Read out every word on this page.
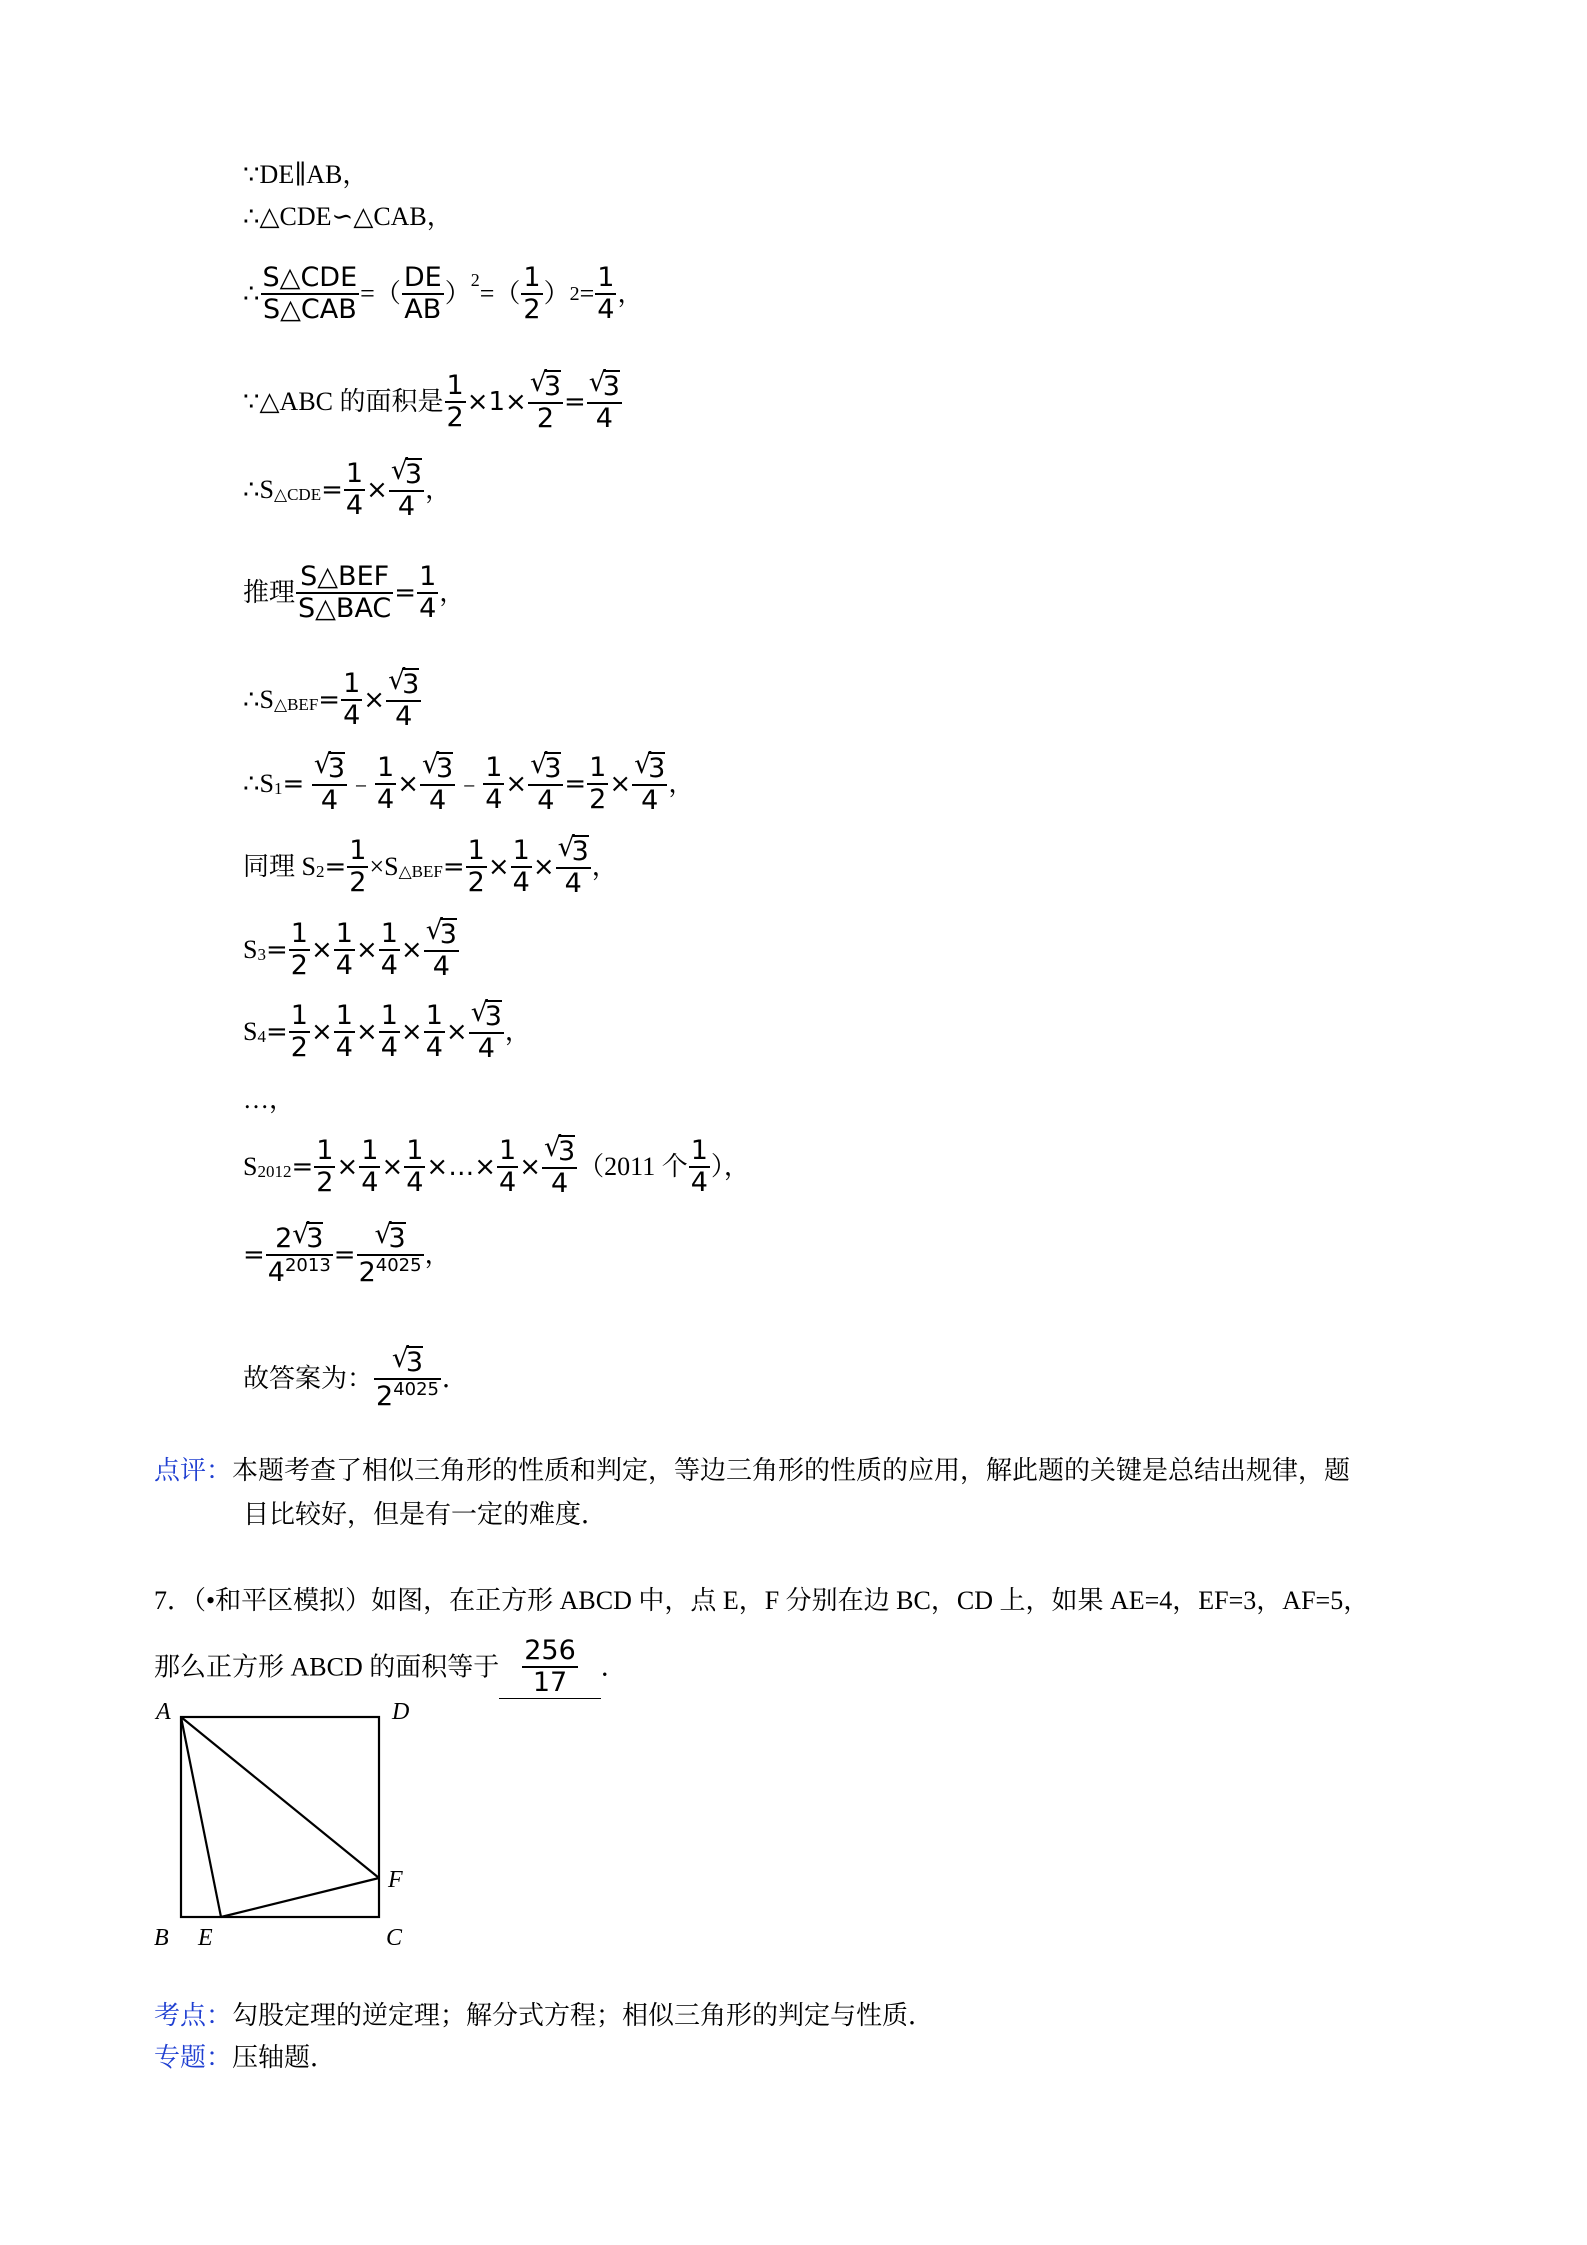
∵DE∥AB，
∴△CDE∽△CAB，
∴ $\frac{\text{S△CDE}}{\text{S△CAB}}$ =（ $\frac{DE}{AB} )^2=( \frac{1}{2} )2= \frac{1}{4}$ ，
∵△ABC 的面积是 $\frac{1}{2} \times 1\times$ √ $\frac{3}{2}$ = √ $\frac{3}{4}$
$\therefore S_{\triangle CDE}= \frac{1}{4}$ × √ $\frac{3}{4}$ ，
推理 $\frac{\text{S△BEF}}{\text{S△BAC}} = \frac{1}{4}$ ，
$\therefore S_{\triangle BEF}= \frac{1}{4}$ × √ $\frac{3}{4}$
$\therefore S_1=$ √ $\frac{3}{4}$ ﹣ $\frac{1}{4}$ × √ $\frac{3}{4}$ ﹣ $\frac{1}{4}$ × √ $\frac{3}{4} = \frac{1}{2}$ × √ $\frac{3}{4}$ ，
同理 $S_2= \frac{1}{2} \times S_{\triangle BEF}= \frac{1}{2} \times \frac{1}{4}$ × √ $\frac{3}{4}$ ，
$S_3= \frac{1}{2} \times \frac{1}{4} \times \frac{1}{4}$ × √ $\frac{3}{4}$
$S_4= \frac{1}{2} \times \frac{1}{4} \times \frac{1}{4} \times \frac{1}{4}$ × √ $\frac{3}{4}$ ，
…，
$S_{2012}= \frac{1}{2} \times \frac{1}{4} \times \frac{1}{4}$ ×…× $\frac{1}{4}$ × √ $\frac{3}{4} (2011$ 个 $\frac{1}{4}$ ），
= $\frac{2 √ 3}{4^{2013}}$ = √ $\frac{3}{2^{4025}}$ ，
故答案为： √ $\frac{3}{2^{4025}}$ ．
点评：本题考查了相似三角形的性质和判定，等边三角形的性质的应用，解此题的关键是总结出规律，题
目比较好，但是有一定的难度．
7．（•和平区模拟）如图，在正方形 ABCD 中，点 E，F 分别在边 BC，CD 上，如果 AE=4，EF=3，AF=5，
那么正方形 ABCD 的面积等于 $\frac{256}{17}$ ．
A	D
F
B E	C
考点：勾股定理的逆定理；解分式方程；相似三角形的判定与性质．
专题：压轴题．
